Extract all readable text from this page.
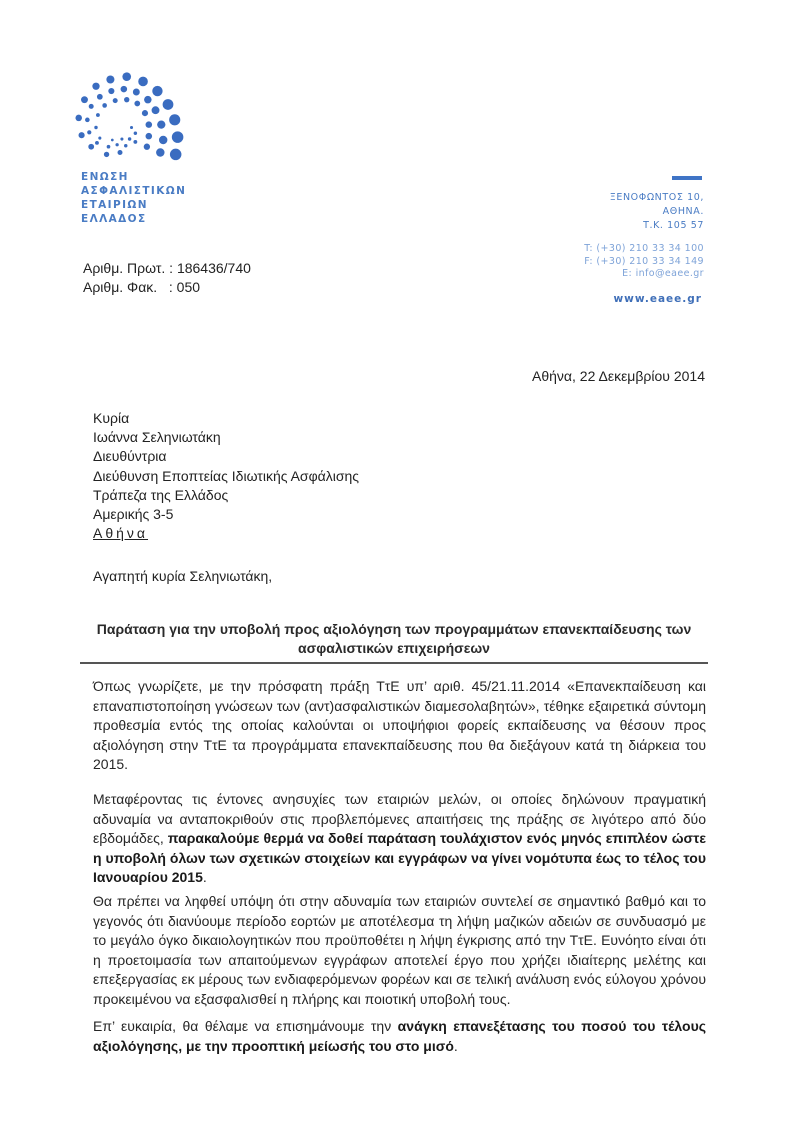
ΕΝΩΣΗ
ΑΣΦΑΛΙΣΤΙΚΩΝ
ΕΤΑΙΡΙΩΝ
ΕΛΛΑΔΟΣ
ΞΕΝΟΦΩΝΤΟΣ 10,
ΑΘΗΝΑ.
Τ.Κ. 105 57
T: (+30) 210 33 34 100
F: (+30) 210 33 34 149
E: info@eaee.gr
www.eaee.gr
Αριθμ. Πρωτ. : 186436/740
Αριθμ. Φακ.   : 050
Αθήνα, 22 Δεκεμβρίου 2014
Κυρία
Ιωάννα Σεληνιωτάκη
Διευθύντρια
Διεύθυνση Εποπτείας Ιδιωτικής Ασφάλισης
Τράπεζα της Ελλάδος
Αμερικής 3-5
Αθήνα
Αγαπητή κυρία Σεληνιωτάκη,
Παράταση για την υποβολή προς αξιολόγηση των προγραμμάτων επανεκπαίδευσης των ασφαλιστικών επιχειρήσεων

Όπως γνωρίζετε, με την πρόσφατη πράξη ΤτΕ υπ’ αριθ. 45/21.11.2014 «Επανεκπαίδευση και επαναπιστοποίηση γνώσεων των (αντ)ασφαλιστικών διαμεσολαβητών», τέθηκε εξαιρετικά σύντομη προθεσμία εντός της οποίας καλούνται οι υποψήφιοι φορείς εκπαίδευσης να θέσουν προς αξιολόγηση στην ΤτΕ τα προγράμματα επανεκπαίδευσης που θα διεξάγουν κατά τη διάρκεια του 2015.

Μεταφέροντας τις έντονες ανησυχίες των εταιριών μελών, οι οποίες δηλώνουν πραγματική αδυναμία να ανταποκριθούν στις προβλεπόμενες απαιτήσεις της πράξης σε λιγότερο από δύο εβδομάδες, παρακαλούμε θερμά να δοθεί παράταση τουλάχιστον ενός μηνός επιπλέον ώστε η υποβολή όλων των σχετικών στοιχείων και εγγράφων να γίνει νομότυπα έως το τέλος του Ιανουαρίου 2015.

Θα πρέπει να ληφθεί υπόψη ότι στην αδυναμία των εταιριών συντελεί σε σημαντικό βαθμό και το γεγονός ότι διανύουμε περίοδο εορτών με αποτέλεσμα τη λήψη μαζικών αδειών σε συνδυασμό με το μεγάλο όγκο δικαιολογητικών που προϋποθέτει η λήψη έγκρισης από την ΤτΕ. Ευνόητο είναι ότι η προετοιμασία των απαιτούμενων εγγράφων αποτελεί έργο που χρήζει ιδιαίτερης μελέτης και επεξεργασίας εκ μέρους των ενδιαφερόμενων φορέων και σε τελική ανάλυση ενός εύλογου χρόνου προκειμένου να εξασφαλισθεί η πλήρης και ποιοτική υποβολή τους.

Επ’ ευκαιρία, θα θέλαμε να επισημάνουμε την ανάγκη επανεξέτασης του ποσού του τέλους αξιολόγησης, με την προοπτική μείωσής του στο μισό.
